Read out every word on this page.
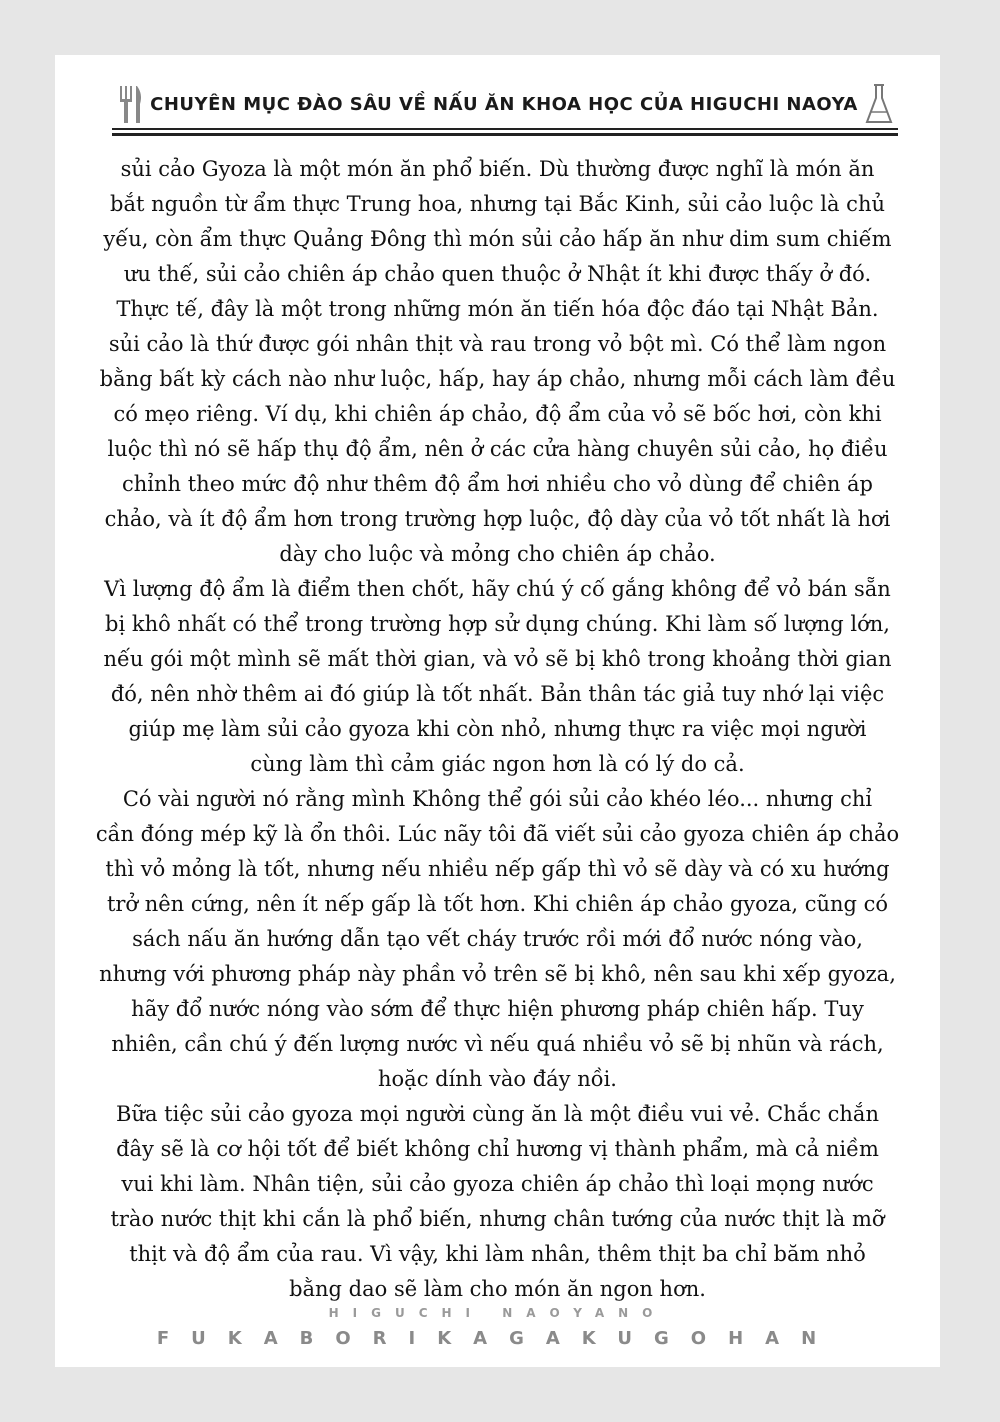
CHUYÊN MỤC ĐÀO SÂU VỀ NẤU ĂN KHOA HỌC CỦA HIGUCHI NAOYA
sủi cảo Gyoza là một món ăn phổ biến. Dù thường được nghĩ là món ăn
bắt nguồn từ ẩm thực Trung hoa, nhưng tại Bắc Kinh, sủi cảo luộc là chủ
yếu, còn ẩm thực Quảng Đông thì món sủi cảo hấp ăn như dim sum chiếm
ưu thế, sủi cảo chiên áp chảo quen thuộc ở Nhật ít khi được thấy ở đó.
Thực tế, đây là một trong những món ăn tiến hóa độc đáo tại Nhật Bản.
sủi cảo là thứ được gói nhân thịt và rau trong vỏ bột mì. Có thể làm ngon
bằng bất kỳ cách nào như luộc, hấp, hay áp chảo, nhưng mỗi cách làm đều
có mẹo riêng. Ví dụ, khi chiên áp chảo, độ ẩm của vỏ sẽ bốc hơi, còn khi
luộc thì nó sẽ hấp thụ độ ẩm, nên ở các cửa hàng chuyên sủi cảo, họ điều
chỉnh theo mức độ như thêm độ ẩm hơi nhiều cho vỏ dùng để chiên áp
chảo, và ít độ ẩm hơn trong trường hợp luộc, độ dày của vỏ tốt nhất là hơi
dày cho luộc và mỏng cho chiên áp chảo.
Vì lượng độ ẩm là điểm then chốt, hãy chú ý cố gắng không để vỏ bán sẵn
bị khô nhất có thể trong trường hợp sử dụng chúng. Khi làm số lượng lớn,
nếu gói một mình sẽ mất thời gian, và vỏ sẽ bị khô trong khoảng thời gian
đó, nên nhờ thêm ai đó giúp là tốt nhất. Bản thân tác giả tuy nhớ lại việc
giúp mẹ làm sủi cảo gyoza khi còn nhỏ, nhưng thực ra việc mọi người
cùng làm thì cảm giác ngon hơn là có lý do cả.
Có vài người nó rằng mình Không thể gói sủi cảo khéo léo... nhưng chỉ
cần đóng mép kỹ là ổn thôi. Lúc nãy tôi đã viết sủi cảo gyoza chiên áp chảo
thì vỏ mỏng là tốt, nhưng nếu nhiều nếp gấp thì vỏ sẽ dày và có xu hướng
trở nên cứng, nên ít nếp gấp là tốt hơn. Khi chiên áp chảo gyoza, cũng có
sách nấu ăn hướng dẫn tạo vết cháy trước rồi mới đổ nước nóng vào,
nhưng với phương pháp này phần vỏ trên sẽ bị khô, nên sau khi xếp gyoza,
hãy đổ nước nóng vào sớm để thực hiện phương pháp chiên hấp. Tuy
nhiên, cần chú ý đến lượng nước vì nếu quá nhiều vỏ sẽ bị nhũn và rách,
hoặc dính vào đáy nồi.
Bữa tiệc sủi cảo gyoza mọi người cùng ăn là một điều vui vẻ. Chắc chắn
đây sẽ là cơ hội tốt để biết không chỉ hương vị thành phẩm, mà cả niềm
vui khi làm. Nhân tiện, sủi cảo gyoza chiên áp chảo thì loại mọng nước
trào nước thịt khi cắn là phổ biến, nhưng chân tướng của nước thịt là mỡ
thịt và độ ẩm của rau. Vì vậy, khi làm nhân, thêm thịt ba chỉ băm nhỏ
bằng dao sẽ làm cho món ăn ngon hơn.
HIGUCHI NAOYANO
FUKABORIKAGAKUGOHAN
